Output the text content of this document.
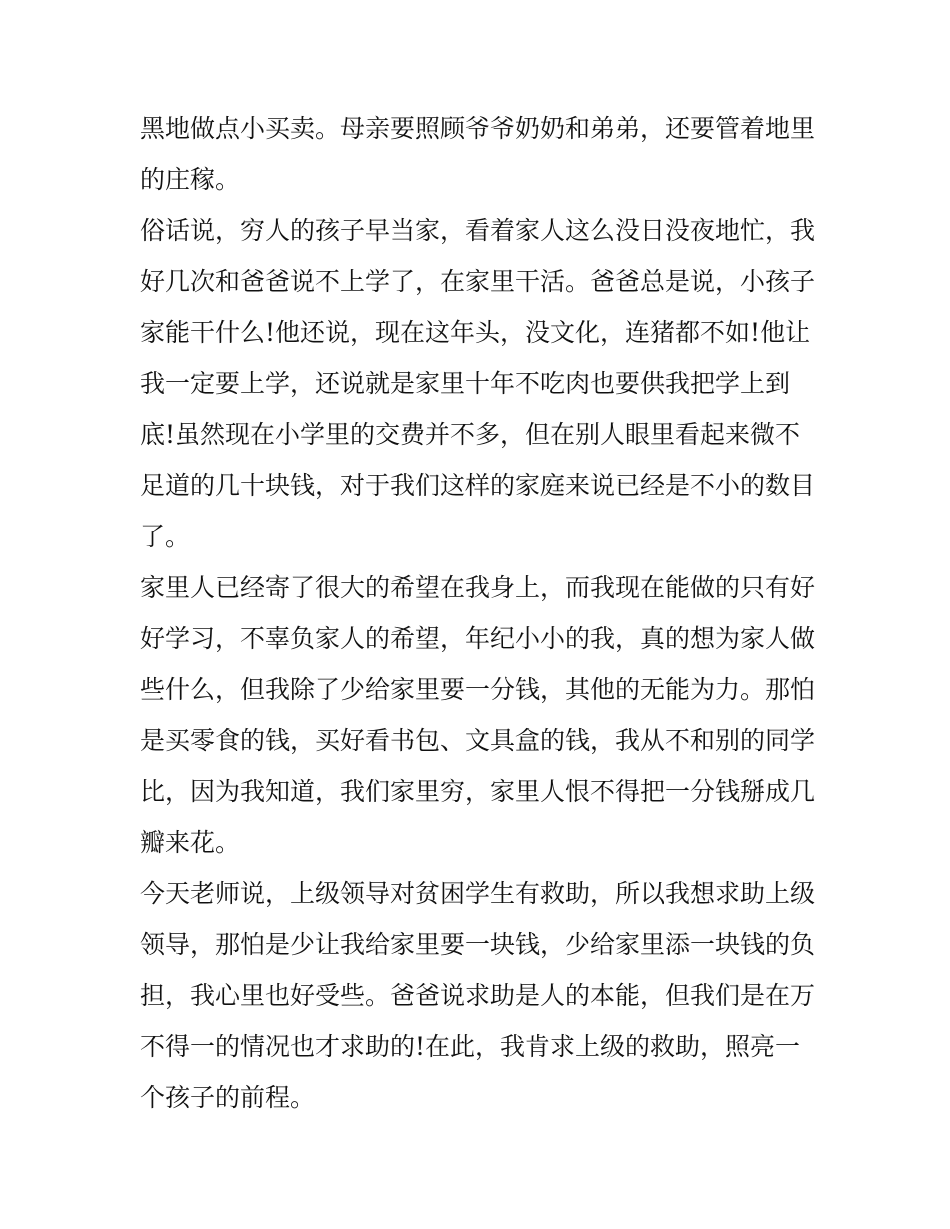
黑地做点小买卖。母亲要照顾爷爷奶奶和弟弟，还要管着地里
的庄稼。
俗话说，穷人的孩子早当家，看着家人这么没日没夜地忙，我
好几次和爸爸说不上学了，在家里干活。爸爸总是说，小孩子
家能干什么!他还说，现在这年头，没文化，连猪都不如!他让
我一定要上学，还说就是家里十年不吃肉也要供我把学上到
底!虽然现在小学里的交费并不多，但在别人眼里看起来微不
足道的几十块钱，对于我们这样的家庭来说已经是不小的数目
了。
家里人已经寄了很大的希望在我身上，而我现在能做的只有好
好学习，不辜负家人的希望，年纪小小的我，真的想为家人做
些什么，但我除了少给家里要一分钱，其他的无能为力。那怕
是买零食的钱，买好看书包、文具盒的钱，我从不和别的同学
比，因为我知道，我们家里穷，家里人恨不得把一分钱掰成几
瓣来花。
今天老师说，上级领导对贫困学生有救助，所以我想求助上级
领导，那怕是少让我给家里要一块钱，少给家里添一块钱的负
担，我心里也好受些。爸爸说求助是人的本能，但我们是在万
不得一的情况也才求助的!在此，我肯求上级的救助，照亮一
个孩子的前程。
